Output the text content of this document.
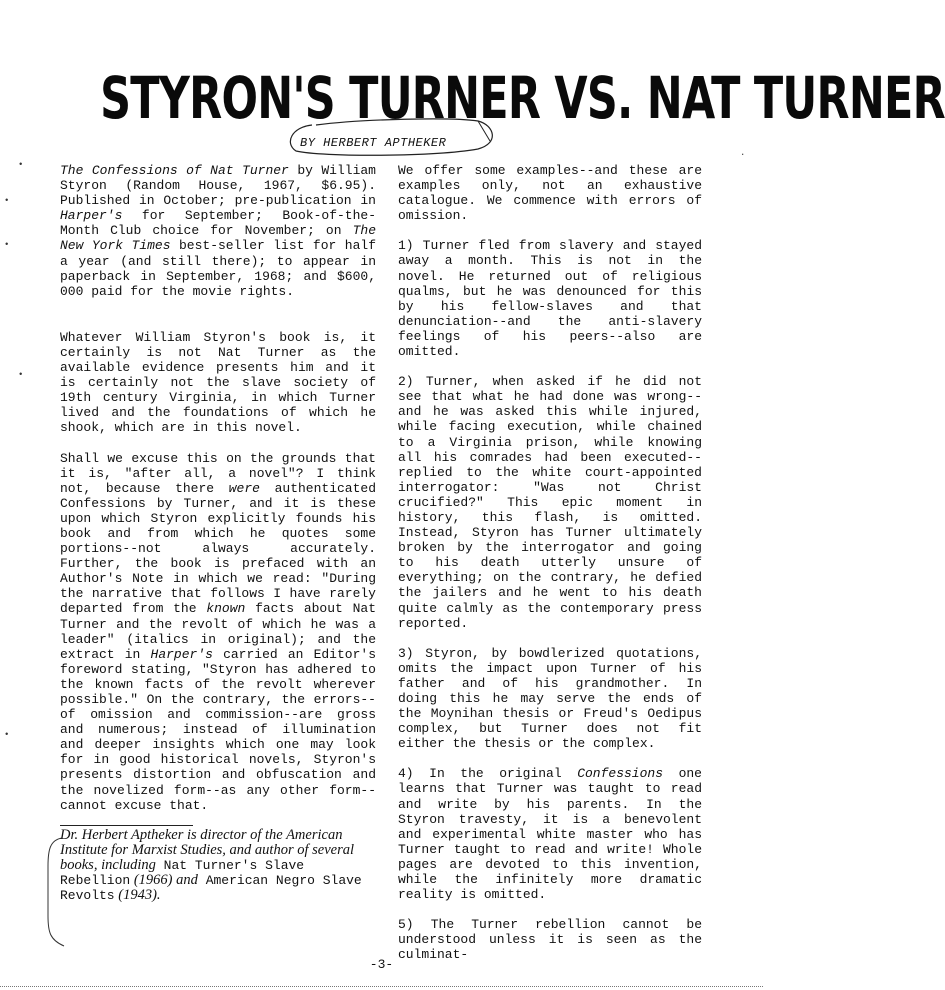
STYRON'S TURNER VS. NAT TURNER
BY HERBERT APTHEKER

The Confessions of Nat Turner by William Styron (Random House, 1967, $6.95). Published in October; pre-publication in Harper's for September; Book-of-the-Month Club choice for November; on The New York Times best-seller list for half a year (and still there); to appear in paperback in September, 1968; and $600, 000 paid for the movie rights.

Whatever William Styron's book is, it certainly is not Nat Turner as the available evidence presents him and it is certainly not the slave society of 19th century Virginia, in which Turner lived and the foundations of which he shook, which are in this novel.

Shall we excuse this on the grounds that it is, "after all, a novel"? I think not, because there were authenticated Confessions by Turner, and it is these upon which Styron explicitly founds his book and from which he quotes some portions--not always accurately. Further, the book is prefaced with an Author's Note in which we read: "During the narrative that follows I have rarely departed from the known facts about Nat Turner and the revolt of which he was a leader" (italics in original); and the extract in Harper's carried an Editor's foreword stating, "Styron has adhered to the known facts of the revolt wherever possible." On the contrary, the errors--of omission and commission--are gross and numerous; instead of illumination and deeper insights which one may look for in good historical novels, Styron's presents distortion and obfuscation and the novelized form--as any other form--cannot excuse that.

Dr. Herbert Aptheker is director of the American Institute for Marxist Studies, and author of several books, including Nat Turner's Slave Rebellion (1966) and American Negro Slave Revolts (1943).

We offer some examples--and these are examples only, not an exhaustive catalogue. We commence with errors of omission.

1) Turner fled from slavery and stayed away a month. This is not in the novel. He returned out of religious qualms, but he was denounced for this by his fellow-slaves and that denunciation--and the anti-slavery feelings of his peers--also are omitted.

2) Turner, when asked if he did not see that what he had done was wrong--and he was asked this while injured, while facing execution, while chained to a Virginia prison, while knowing all his comrades had been executed--replied to the white court-appointed interrogator: "Was not Christ crucified?" This epic moment in history, this flash, is omitted. Instead, Styron has Turner ultimately broken by the interrogator and going to his death utterly unsure of everything; on the contrary, he defied the jailers and he went to his death quite calmly as the contemporary press reported.

3) Styron, by bowdlerized quotations, omits the impact upon Turner of his father and of his grandmother. In doing this he may serve the ends of the Moynihan thesis or Freud's Oedipus complex, but Turner does not fit either the thesis or the complex.

4) In the original Confessions one learns that Turner was taught to read and write by his parents. In the Styron travesty, it is a benevolent and experimental white master who has Turner taught to read and write! Whole pages are devoted to this invention, while the infinitely more dramatic reality is omitted.

5) The Turner rebellion cannot be understood unless it is seen as the culminat-

•
•
•
•
•
·
-3-
